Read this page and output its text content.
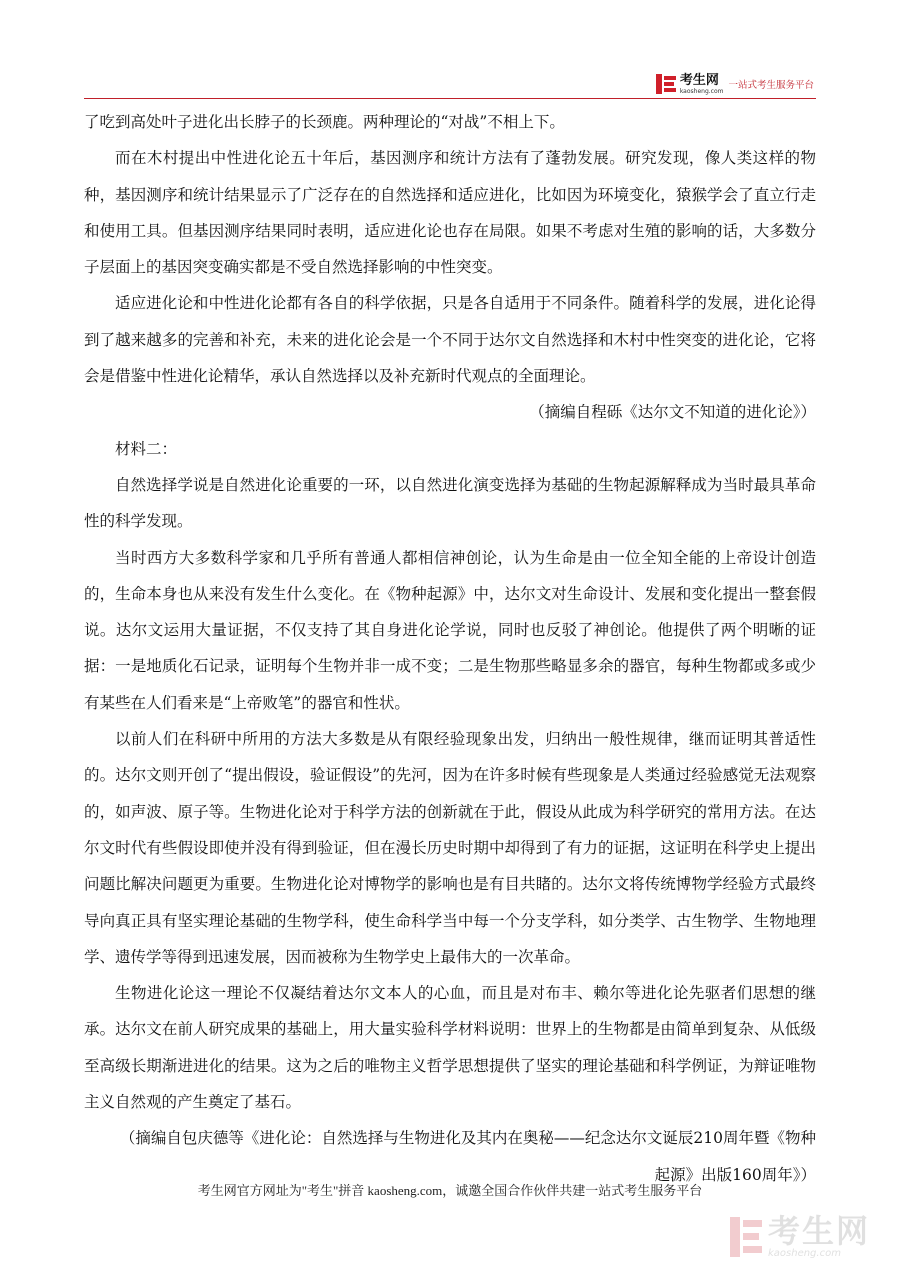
考生网
kaosheng.com 一站式考生服务平台

了吃到高处叶子进化出长脖子的长颈鹿。两种理论的“对战”不相上下。

而在木村提出中性进化论五十年后，基因测序和统计方法有了蓬勃发展。研究发现，像人类这样的物种，基因测序和统计结果显示了广泛存在的自然选择和适应进化，比如因为环境变化，猿猴学会了直立行走和使用工具。但基因测序结果同时表明，适应进化论也存在局限。如果不考虑对生殖的影响的话，大多数分子层面上的基因突变确实都是不受自然选择影响的中性突变。

适应进化论和中性进化论都有各自的科学依据，只是各自适用于不同条件。随着科学的发展，进化论得到了越来越多的完善和补充，未来的进化论会是一个不同于达尔文自然选择和木村中性突变的进化论，它将会是借鉴中性进化论精华，承认自然选择以及补充新时代观点的全面理论。

（摘编自程砾《达尔文不知道的进化论》）

材料二：

自然选择学说是自然进化论重要的一环，以自然进化演变选择为基础的生物起源解释成为当时最具革命性的科学发现。

当时西方大多数科学家和几乎所有普通人都相信神创论，认为生命是由一位全知全能的上帝设计创造的，生命本身也从来没有发生什么变化。在《物种起源》中，达尔文对生命设计、发展和变化提出一整套假说。达尔文运用大量证据，不仅支持了其自身进化论学说，同时也反驳了神创论。他提供了两个明晰的证据：一是地质化石记录，证明每个生物并非一成不变；二是生物那些略显多余的器官，每种生物都或多或少有某些在人们看来是“上帝败笔”的器官和性状。

以前人们在科研中所用的方法大多数是从有限经验现象出发，归纳出一般性规律，继而证明其普适性的。达尔文则开创了“提出假设，验证假设”的先河，因为在许多时候有些现象是人类通过经验感觉无法观察的，如声波、原子等。生物进化论对于科学方法的创新就在于此，假设从此成为科学研究的常用方法。在达尔文时代有些假设即使并没有得到验证，但在漫长历史时期中却得到了有力的证据，这证明在科学史上提出问题比解决问题更为重要。生物进化论对博物学的影响也是有目共睹的。达尔文将传统博物学经验方式最终导向真正具有坚实理论基础的生物学科，使生命科学当中每一个分支学科，如分类学、古生物学、生物地理学、遗传学等得到迅速发展，因而被称为生物学史上最伟大的一次革命。

生物进化论这一理论不仅凝结着达尔文本人的心血，而且是对布丰、赖尔等进化论先驱者们思想的继承。达尔文在前人研究成果的基础上，用大量实验科学材料说明：世界上的生物都是由简单到复杂、从低级至高级长期渐进进化的结果。这为之后的唯物主义哲学思想提供了坚实的理论基础和科学例证，为辩证唯物主义自然观的产生奠定了基石。

（摘编自包庆德等《进化论：自然选择与生物进化及其内在奥秘——纪念达尔文诞辰210周年暨《物种起源》出版160周年》）

考生网官方网址为"考生"拼音 kaosheng.com，诚邀全国合作伙伴共建一站式考生服务平台
考生网
kaosheng.com
